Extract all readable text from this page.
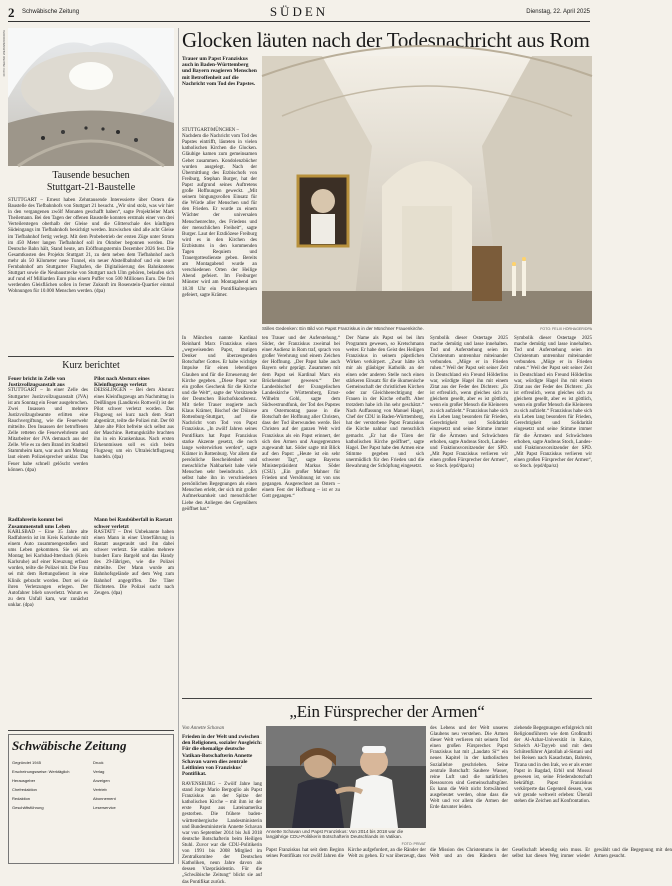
2 Schwäbische Zeitung	SÜDEN	Dienstag, 22. April 2025
FOTO: BERND WEISSBROD/DPA
Tausende besuchen
Stuttgart-21-Baustelle
STUTTGART – Erneut haben Zehntausende Interessierte über Ostern die Baustelle des Tiefbahnhofs von Stuttgart 21 besucht. „Wir sind stolz, was wir hier in den vergangenen zwölf Monaten geschafft haben“, sagte Projektleiter Mark Theilemann. Bei den Tagen der offenen Baustelle konnten erstmals einer von drei Verteilerstegen oberhalb der Gleise und die Glitterschale des künftigen Südeingangs im Tiefbahnhofs besichtigt werden. Inzwischen sind alle acht Gleise im Tiefbahnhof fertig verlegt. Mit dem Probebetrieb der ersten Züge unter Strom im 450 Meter langen Tiefbahnhof soll im Oktober begonnen werden. Die Deutsche Bahn hält, Stand heute, am Eröffnungstermin Dezember 2026 fest. Die Gesamtkosten des Projekts Stuttgart 21, zu dem neben dem Tiefbahnhof auch mehr als 50 Kilometer neue Tunnel, ein neuer Abstellbahnhof und ein neuer Fernbahnhof am Stuttgarter Flughafen, die Digitalisierung des Bahnknotens Stuttgart sowie die Neubaustrecke von Stuttgart nach Ulm gehören, belaufen sich auf rund elf Milliarden Euro plus einem Puffer von 500 Millionen Euro. Die frei werdenden Gleisflächen sollen in ferner Zukunft im Rosenstein-Quartier einmal Wohnungen für 10.000 Menschen werden. (dpa)
Kurz berichtet
Feuer bricht in Zelle von Justizvollzugsanstalt aus
STUTTGART – In einer Zelle des Stuttgarter Justizvollzugsanstalt (JVA) ist am Sonntag ein Feuer ausgebrochen. Zwei Insassen und mehrere Justizvollzugsbeamte erlitten eine Rauchvergiftung, wie die Feuerwehr mitteilte. Den Insassen der betroffenen Zelle retteten die Feuerwehrleute und Mitarbeiter der JVA demnach aus der Zelle. Wie es zu dem Brand im Stadtteil Stammheim kam, war auch am Montag laut einem Polizeisprecher unklar. Das Feuer habe schnell gelöscht werden können. (dpa)
Radfahrerin kommt bei Zusammenstoß ums Leben
KARLSBAD – Eine 35 Jahre alte Radfahrerin ist im Kreis Karlsruhe mit einem Auto zusammengestoßen und ums Leben gekommen. Sie sei am Montag bei Karlsbad-Ittersbach (Kreis Karlsruhe) auf einer Kreuzung erfasst worden, teilte die Polizei mit. Die Frau sei mit dem Rettungsdienst in eine Klinik gebracht worden. Dort sei sie ihren Verletzungen erlegen. Der Autofahrer blieb unverletzt. Warum es zu dem Unfall kam, war zunächst unklar. (dpa)
Pilot nach Absturz eines Kleinflugzeugs verletzt
DEISSLINGEN – Bei dem Absturz eines Kleinflugzeugs am Nachmittag in Deißlingen (Landkreis Rottweil) ist der Pilot schwer verletzt worden. Das Flugzeug sei kurz nach dem Start abgestürzt, teilte die Polizei mit. Der 60 Jahre alte Pilot befreite sich selbst aus der Maschine. Rettungskräfte brachten ihn in ein Krankenhaus. Nach ersten Erkenntnissen soll es sich beim Flugzeug um ein Ultraleichtflugzeug handeln. (dpa)
Mann bei Raubüberfall in Rastatt schwer verletzt
RASTATT – Drei Unbekannte haben einen Mann in einer Unterführung in Rastatt ausgeraubt und ihn dabei schwer verletzt. Sie stahlen mehrere hundert Euro Bargeld und das Handy des 29-Jährigen, wie die Polizei mitteilte. Der Mann wurde am Bahnhofsgelände auf dem Weg zum Bahnhof angegriffen. Die Täter flüchteten. Die Polizei sucht nach Zeugen. (dpa)
Schwäbische Zeitung
Gegründet 1945
Erscheinungsweise: Werktäglich
Herausgeber
Chefredaktion
Redaktion
Geschäftsführung
Druck
Verlag
Anzeigen
Vertrieb
Abonnement
Leserservice
Glocken läuten nach der Todesnachricht aus Rom
Trauer um Papst Franziskus auch in Baden-Württemberg und Bayern reagieren Menschen mit Betroffenheit auf die Nachricht vom Tod des Papstes.
STUTTGART/MÜNCHEN –
Nachdem die Nachricht vom Tod des Papstes eintrifft, läuteten in vielen katholischen Kirchen die Glocken. Gläubige kamen zum gemeinsamen Gebet zusammen. Kondolenzbücher wurden ausgelegt. Nach der Übermittlung des Erzbischofs von Freiburg, Stephan Burger, hat der Papst aufgrund seines Auftretens große Hoffnungen geweckt. „Mit seinem bingungsvollen Einsatz für die Würde aller Menschen und für den Frieden. Er wurde zu einem Wächter der universalen Menschenrechte, des Friedens und der menschlichen Freiheit“, sagte Burger. Laut der Erzdiözese Freiburg wird es in den Kirchen des Erzbistums in den kommenden Tagen Requiem und Trauergottesdienste geben. Bereits am Montagabend wurde an verschiedenen Orten der Heilige Abend gefeiert. Im Freiburger Münster wird am Montagabend um 18.30 Uhr ein Pontifikalrequiem gefeiert, sagte Krämer.
Stilles Gedenken: Ein Bild von Papst Franziskus in der Münchner Frauenkirche.	FOTO: FELIX HÖRHAGER/DPA
In München nannte Kardinal Reinhard Marx Franziskus einen „wegweisenden Papst, mutigen Denker und überzeugenden Botschafter Gottes. Er habe wichtige Impulse für einen lebendigen Glauben und für die Erneuerung der Kirche gegeben. „Diese Papst war ein großes Geschenk für die Kirche und die Welt“, sagte der Vorsitzende der Deutschen Bischofskonferenz. Mit tiefer Trauer reagierte auch Klaus Krämer, Bischof der Diözese Rottenburg-Stuttgart, auf die Nachricht vom Tod von Papst Franziskus. „In zwölf Jahren seines Pontifikats hat Papst Franziskus starke Akzente gesetzt, die noch lange weiterwirken werden“, sagte Krämer in Rottenburg. Vor allem die persönliche Bescheidenheit und menschliche Nahbarkeit habe viele Menschen sehr beeindruckt. „Ich selbst habe ihn in verschiedenen persönlichen Begegnungen als einen Menschen erlebt, der sich mit großer Aufmerksamkeit und menschlicher Liebe den Anliegen des Gegenübers geöffnet hat.“
ten Trauer und der Auferstehung.“ Söder, der Franziskus zweimal bei einer Audienz in Rom traf, sprach von großer Verehrung und einem Zeichen der Hoffnung. „Der Papst habe auch Bayern sehr geprägt. Zusammen mit dem Papst sei Kardinal Marx ein Brückenbauer gewesen.“ Der Landesbischof der Evangelischen Landeskirche Württemberg, Ernst-Wilhelm Gohl, sagte dem Südwestrundfunk, der Tod des Papstes am Ostermontag passe in die Botschaft der Hoffnung aller Christen, dass der Tod überwunden werde. Bei Christen auf der ganzen Welt wird Franziskus als ein Papst erinnert, der sich den Armen und Ausgegrenzten zugewandt hat. Söder sagte mit Blick auf den Papst: „Heute ist ein sehr schwerer Tag“, sagte Bayerns Ministerpräsident Markus Söder (CSU). „Ein großer Mahner für Frieden und Versöhnung ist von uns gegangen. Ausgerechnet an Ostern – einem Fest der Hoffnung – ist er zu Gott gegangen.“
Der Name als Papst sei bei ihm Programm gewesen, so Kretschmann weiter. Er habe den Geist des Heiligen Franziskus in seinem päpstlichen Wirken verkörpert. „Zwar hätte ich mir als gläubiger Katholik an der einen oder anderen Stelle noch einen stärkeren Einsatz für die ökumenische Gemeinschaft der christlichen Kirchen oder zur Gleichberechtigung der Frauen in der Kirche erhofft. Aber trotzdem habe ich ihn sehr geschätzt.“ Nach Auffassung von Manuel Hagel, Chef der CDU in Baden-Württemberg, hat der verstorbene Papst Franziskus die Kirche nahbar und menschlich gemacht. „Er hat die Türen der katholischen Kirche geöffnet“, sagte Hagel. Der Papst habe den Armen eine Stimme gegeben und sich unermüdlich für den Frieden und die Bewahrung der Schöpfung eingesetzt.
Symbolik dieser Ostertage 2025 mache demütig und lasse innehalten. Tod und Auferstehung seien im Christentum untrennbar miteinander verbunden. „Möge er in Frieden ruhen.“ Weil der Papst seit seiner Zeit in Deutschland ein Freund Hölderlins war, würdigte Hagel ihn mit einem Zitat aus der Feder des Dichters: „Es ist erfreulich, wenn gleiches sich zu gleichem gesellt, aber es ist göttlich, wenn ein großer Mensch die Kleineren zu sich aufzieht.“ Franziskus habe sich ein Leben lang besonders für Frieden, Gerechtigkeit und Solidarität eingesetzt und seine Stimme immer für die Ärmsten und Schwächsten erhoben, sagte Andreas Stoch, Landes- und Fraktionsvorsitzender der SPD. „Mit Papst Franziskus verlieren wir einen großen Fürsprecher der Armen“, so Stoch. (epd/dpa/sz)
Symbolik dieser Ostertage 2025 mache demütig und lasse innehalten. Tod und Auferstehung seien im Christentum untrennbar miteinander verbunden. „Möge er in Frieden ruhen.“ Weil der Papst seit seiner Zeit in Deutschland ein Freund Hölderlins war, würdigte Hagel ihn mit einem Zitat aus der Feder des Dichters: „Es ist erfreulich, wenn gleiches sich zu gleichem gesellt, aber es ist göttlich, wenn ein großer Mensch die Kleineren zu sich aufzieht.“ Franziskus habe sich ein Leben lang besonders für Frieden, Gerechtigkeit und Solidarität eingesetzt und seine Stimme immer für die Ärmsten und Schwächsten erhoben, sagte Andreas Stoch, Landes- und Fraktionsvorsitzender der SPD. „Mit Papst Franziskus verlieren wir einen großen Fürsprecher der Armen“, so Stoch. (epd/dpa/sz)
„Ein Fürsprecher der Armen“
Von Annette Schavan
Frieden in der Welt und zwischen den Religionen, sozialer Ausgleich: Für die ehemalige deutsche Vatikan-Botschafterin Annette Schavan waren dies zentrale Leitlinien von Franziskus' Pontifikat.
RAVENSBURG – Zwölf Jahre lang stand Jorge Mario Bergoglio als Papst Franziskus an der Spitze der katholischen Kirche – mit ihm ist der erste Papst aus Lateinamerika gestorben. Die frühere baden-württembergische Landesministerin und Bundesministerin Annette Schavan war von September 2014 bis Juli 2018 deutsche Botschafterin beim Heiligen Stuhl. Zuvor war die CDU-Politikerin von 1991 bis 2008 Mitglied im Zentralkomitee der Deutschen Katholiken, neun Jahre davon als dessen Vizepräsidentin. Für die „Schwäbische Zeitung“ blickt sie auf das Pontifikat zurück.
Annette Schavan und Papst Franziskus: Von 2014 bis 2018 war die langjährige CDU-Politikerin Botschafterin Deutschlands im Vatikan.
FOTO: PRIVAT
Papst Franziskus hat seit dem Beginn seines Pontifikats vor zwölf Jahren die Kirche aufgefordert, an die Ränder der Welt zu gehen. Er war überzeugt, dass die Mission des Christentums in der Welt und an den Rändern der Gesellschaft lebendig sein muss. Er selbst hat diesen Weg immer wieder gewählt und die Begegnung mit den Armen gesucht.
des Lebens und der Welt unseres Glaubens neu verstehen. Die Armen dieser Welt verlieren mit seinem Tod einen großen Fürsprecher. Papst Franziskus hat mit „Laudato Si'“ ein neues Kapitel in der katholischen Soziallehre geschrieben. Seine zentrale Botschaft: Saubere Wasser, reine Luft und die natürlichen Ressourcen sind Gemeinschaftsgüter. Es kann die Welt nicht fortwährend ausgebeutet werden, ohne dass die Welt und vor allem die Armen der Erde darunter leiden.
ziehende Begegnungen erfolgreich mit Religionsführern wie dem Großmufti der Al-Azhar-Universität in Kairo, Scheich Al-Tayyeb und mit dem Schiitenführer Ajatollah al-Sistani und bei Reisen nach Kasachstan, Bahrein, Tirana und in den Irak, wo er als erster Papst in Bagdad, Erbil und Mossul gewesen ist, seine Friedensbotschaft bekräftigt. Papst Franziskus verkörperte das Gegenteil dessen, was wir gerade weltweit erleben: Überall stehen die Zeichen auf Konfrontation.
